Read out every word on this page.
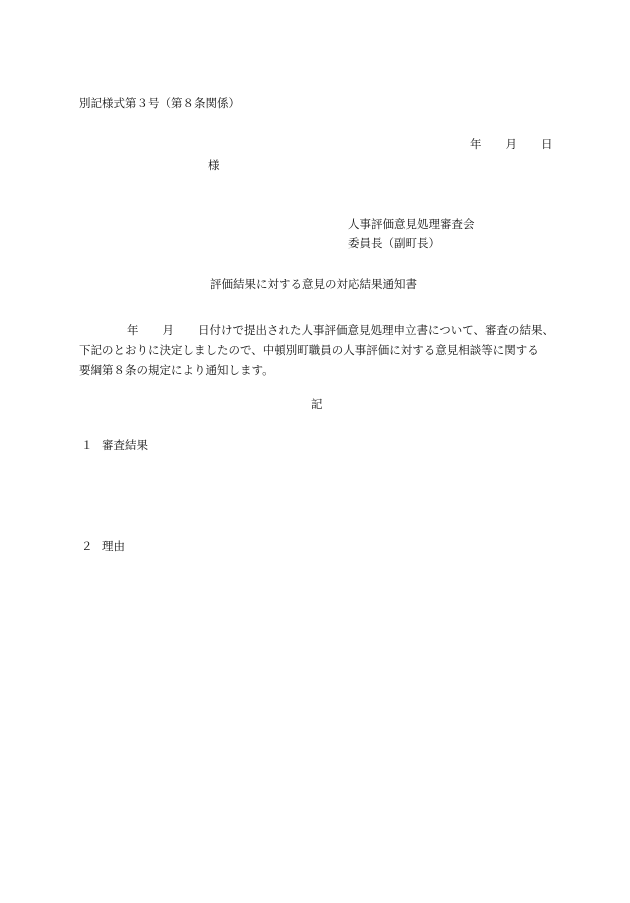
別記様式第３号（第８条関係）
年 月 日
様
人事評価意見処理審査会
委員長（副町長）
評価結果に対する意見の対応結果通知書
年 月 日付けで提出された人事評価意見処理申立書について、審査の結果、
下記のとおりに決定しましたので、中頓別町職員の人事評価に対する意見相談等に関する
要綱第８条の規定により通知します。
記
１ 審査結果
２ 理由
